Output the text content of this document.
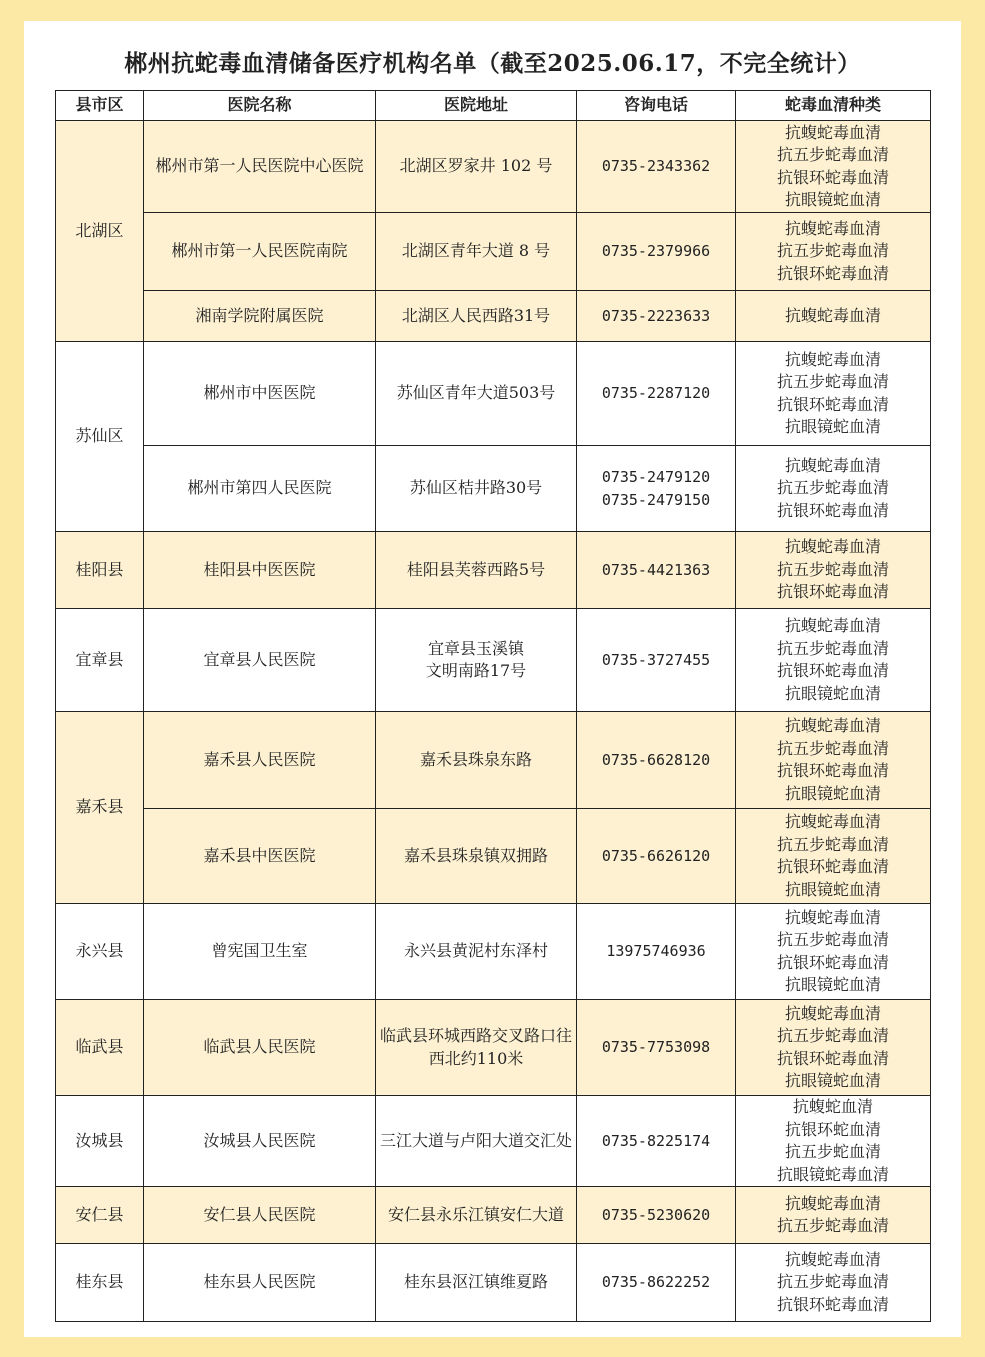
郴州抗蛇毒血清储备医疗机构名单（截至2025.06.17，不完全统计）
县市区	医院名称	医院地址	咨询电话	蛇毒血清种类
北湖区	郴州市第一人民医院中心医院	北湖区罗家井 102 号	0735-2343362	抗蝮蛇毒血清
抗五步蛇毒血清
抗银环蛇毒血清
抗眼镜蛇血清

	郴州市第一人民医院南院	北湖区青年大道 8 号	0735-2379966	抗蝮蛇毒血清
抗五步蛇毒血清
抗银环蛇毒血清

	湘南学院附属医院	北湖区人民西路31号	0735-2223633	抗蝮蛇毒血清

苏仙区	郴州市中医医院	苏仙区青年大道503号	0735-2287120	抗蝮蛇毒血清
抗五步蛇毒血清
抗银环蛇毒血清
抗眼镜蛇血清

	郴州市第四人民医院	苏仙区桔井路30号	0735-2479120
0735-2479150	抗蝮蛇毒血清
抗五步蛇毒血清
抗银环蛇毒血清

桂阳县	桂阳县中医医院	桂阳县芙蓉西路5号	0735-4421363	抗蝮蛇毒血清
抗五步蛇毒血清
抗银环蛇毒血清

宜章县	宜章县人民医院	宜章县玉溪镇
文明南路17号	0735-3727455	抗蝮蛇毒血清
抗五步蛇毒血清
抗银环蛇毒血清
抗眼镜蛇血清

嘉禾县	嘉禾县人民医院	嘉禾县珠泉东路	0735-6628120	抗蝮蛇毒血清
抗五步蛇毒血清
抗银环蛇毒血清
抗眼镜蛇血清

	嘉禾县中医医院	嘉禾县珠泉镇双拥路	0735-6626120	抗蝮蛇毒血清
抗五步蛇毒血清
抗银环蛇毒血清
抗眼镜蛇血清

永兴县	曾宪国卫生室	永兴县黄泥村东泽村	13975746936	抗蝮蛇毒血清
抗五步蛇毒血清
抗银环蛇毒血清
抗眼镜蛇血清

临武县	临武县人民医院	临武县环城西路交叉路口往西北约110米	0735-7753098	抗蝮蛇毒血清
抗五步蛇毒血清
抗银环蛇毒血清
抗眼镜蛇血清

汝城县	汝城县人民医院	三江大道与卢阳大道交汇处	0735-8225174	抗蝮蛇血清
抗银环蛇血清
抗五步蛇血清
抗眼镜蛇毒血清

安仁县	安仁县人民医院	安仁县永乐江镇安仁大道	0735-5230620	抗蝮蛇毒血清
抗五步蛇毒血清

桂东县	桂东县人民医院	桂东县沤江镇维夏路	0735-8622252	抗蝮蛇毒血清
抗五步蛇毒血清
抗银环蛇毒血清
